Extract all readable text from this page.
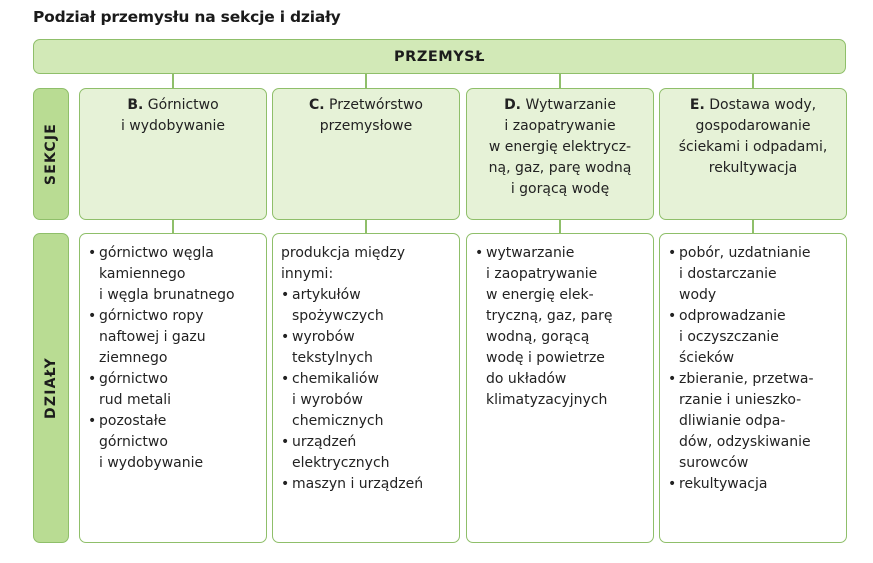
Podział przemysłu na sekcje i działy
PRZEMYSŁ
SEKCJE
DZIAŁY
B. Górnictwo
i wydobywanie
C. Przetwórstwo
przemysłowe
D. Wytwarzanie
i zaopatrywanie
w energię elektrycz-
ną, gaz, parę wodną
i gorącą wodę
E. Dostawa wody,
gospodarowanie
ściekami i odpadami,
rekultywacja
• górnictwo węgla
kamiennego
i węgla brunatnego
• górnictwo ropy
naftowej i gazu
ziemnego
• górnictwo
rud metali
• pozostałe
górnictwo
i wydobywanie
produkcja między
innymi:
• artykułów
spożywczych
• wyrobów
tekstylnych
• chemikaliów
i wyrobów
chemicznych
• urządzeń
elektrycznych
• maszyn i urządzeń
• wytwarzanie
i zaopatrywanie
w energię elek-
tryczną, gaz, parę
wodną, gorącą
wodę i powietrze
do układów
klimatyzacyjnych
• pobór, uzdatnianie
i dostarczanie
wody
• odprowadzanie
i oczyszczanie
ścieków
• zbieranie, przetwa-
rzanie i unieszko-
dliwianie odpa-
dów, odzyskiwanie
surowców
• rekultywacja
